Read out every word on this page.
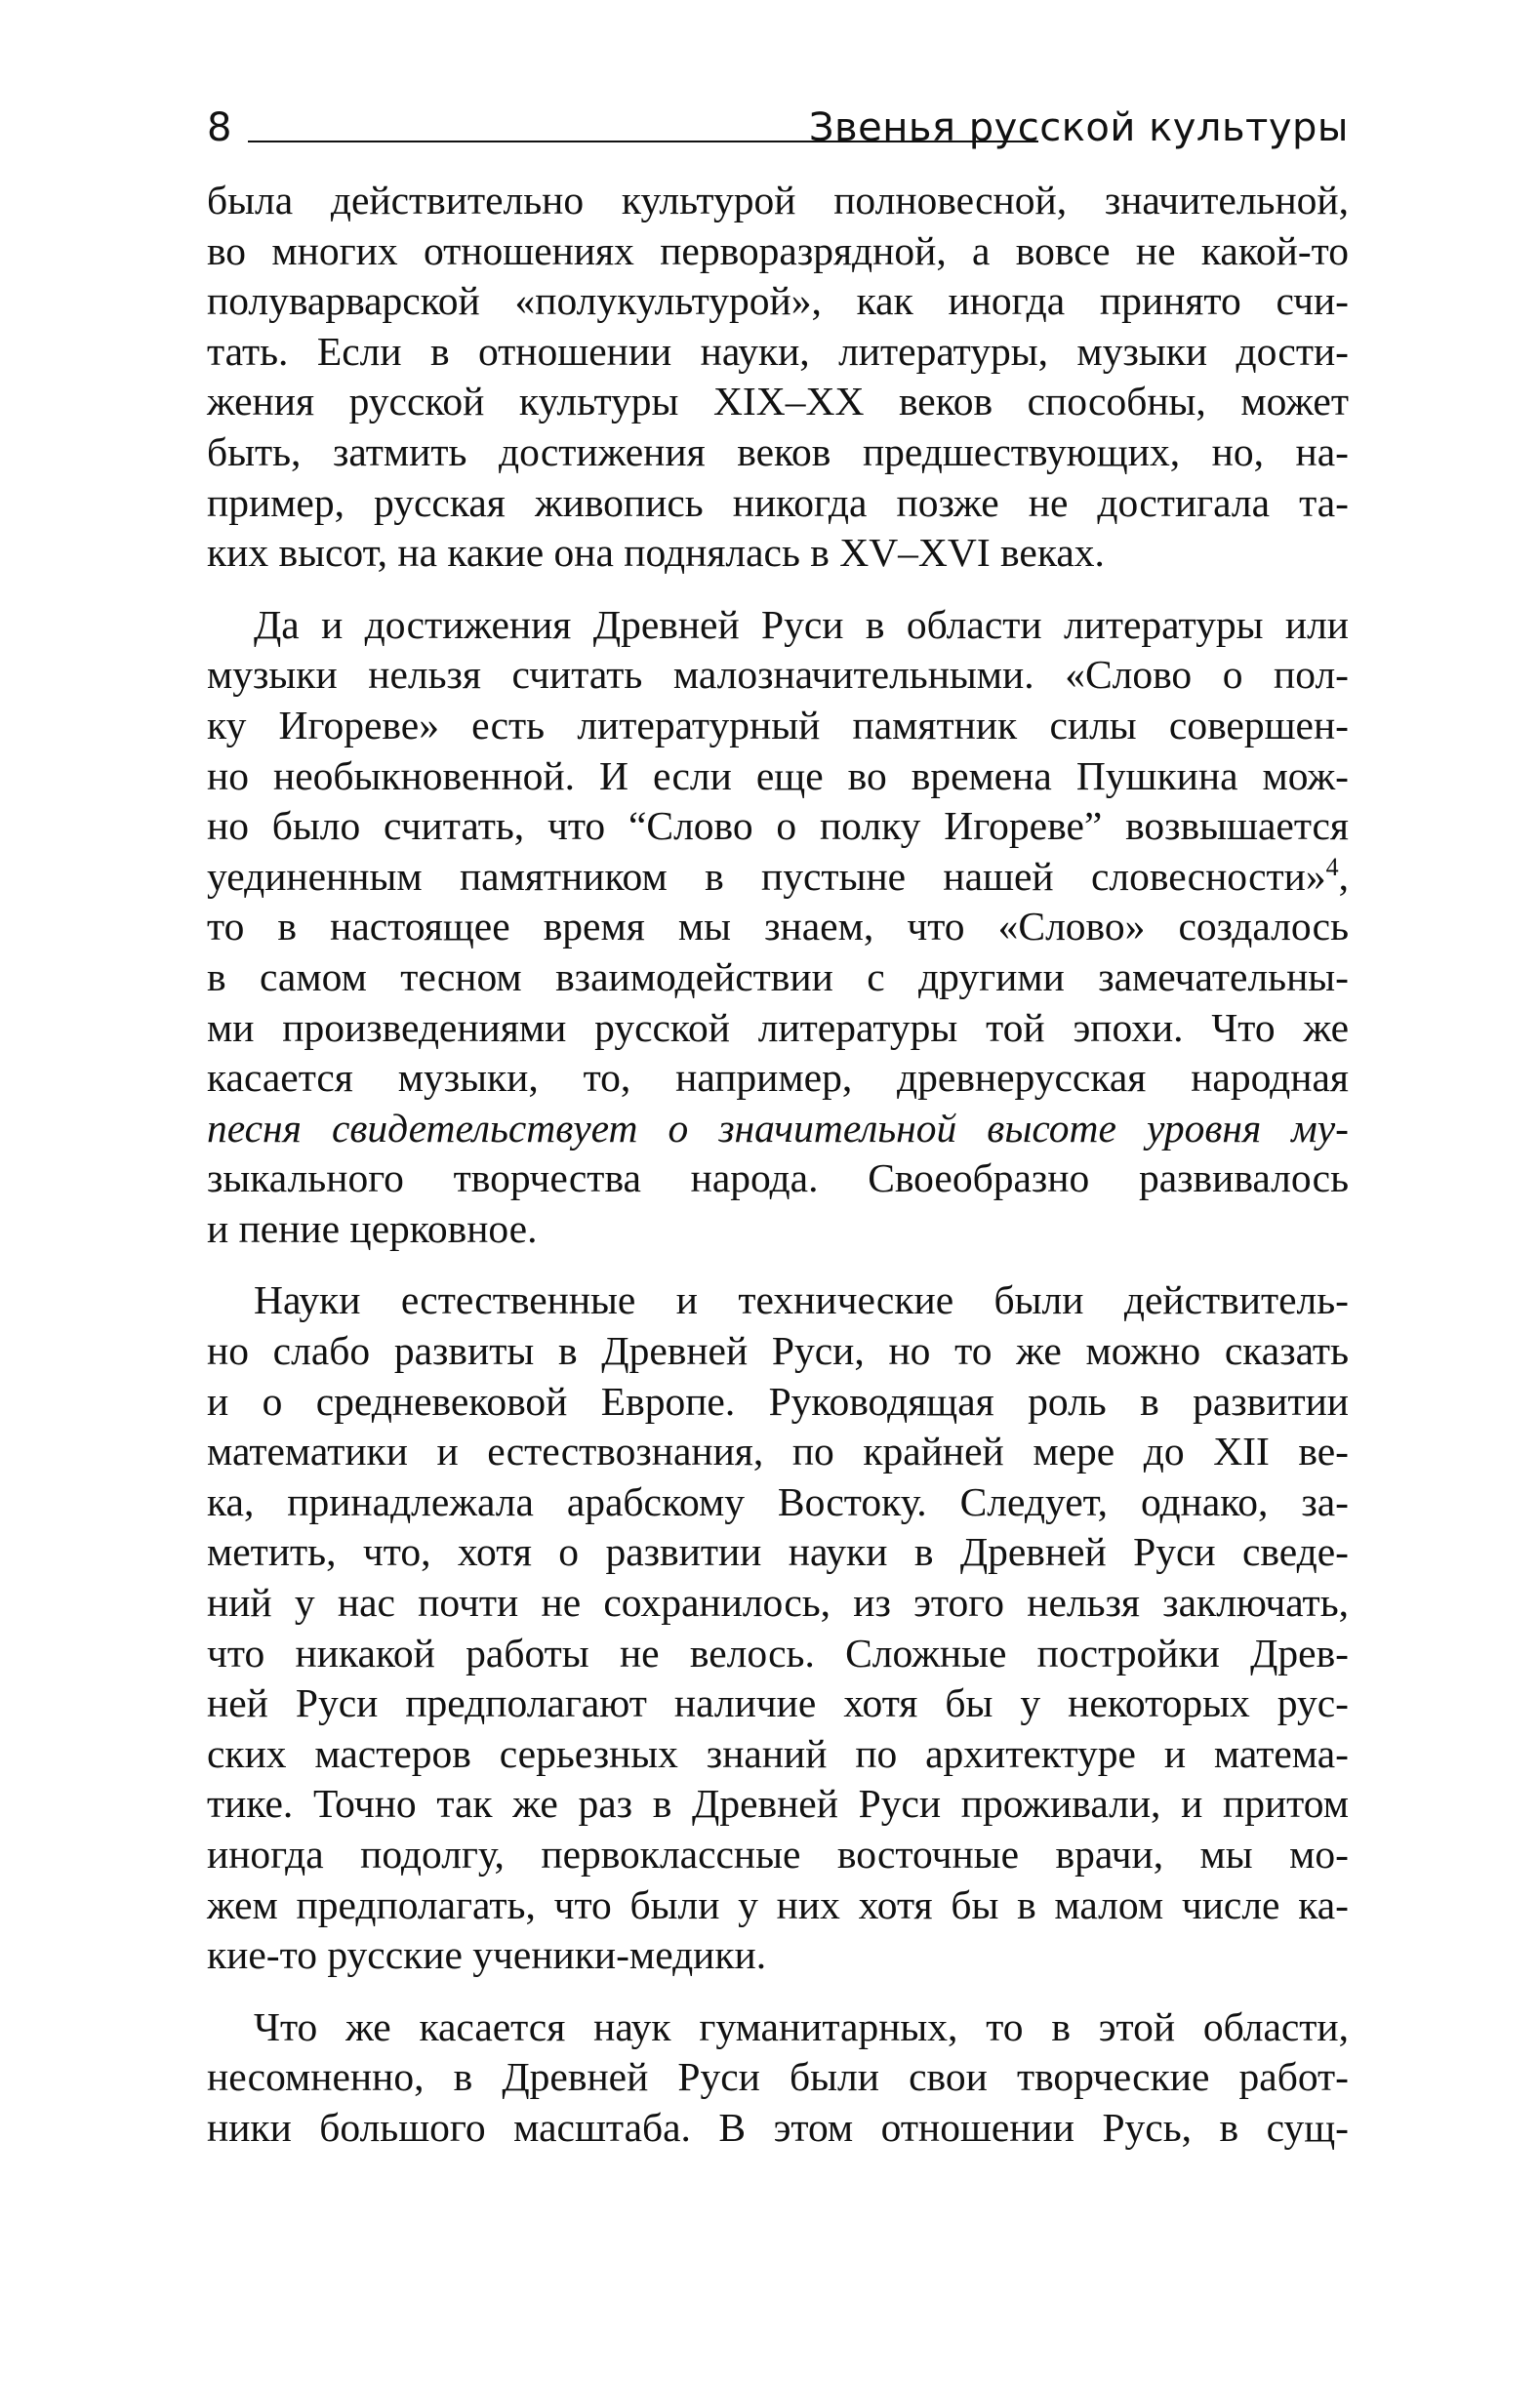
8	Звенья русской культуры

была действительно культурой полновесной, значительной,
во многих отношениях перворазрядной, а вовсе не какой-то
полуварварской «полукультурой», как иногда принято счи-
тать. Если в отношении науки, литературы, музыки дости-
жения русской культуры XIX–XX веков способны, может
быть, затмить достижения веков предшествующих, но, на-
пример, русская живопись никогда позже не достигала та-
ких высот, на какие она поднялась в XV–XVI веках.

Да и достижения Древней Руси в области литературы или
музыки нельзя считать малозначительными. «Слово о пол-
ку Игореве» есть литературный памятник силы совершен-
но необыкновенной. И если еще во времена Пушкина мож-
но было считать, что “Слово о полку Игореве” возвышается
уединенным памятником в пустыне нашей словесности»$^4$,
то в настоящее время мы знаем, что «Слово» создалось
в самом тесном взаимодействии с другими замечательны-
ми произведениями русской литературы той эпохи. Что же
касается музыки, то, например, древнерусская народная
песня свидетельствует о значительной высоте уровня му-
зыкального творчества народа. Своеобразно развивалось
и пение церковное.

Науки естественные и технические были действитель-
но слабо развиты в Древней Руси, но то же можно сказать
и о средневековой Европе. Руководящая роль в развитии
математики и естествознания, по крайней мере до XII ве-
ка, принадлежала арабскому Востоку. Следует, однако, за-
метить, что, хотя о развитии науки в Древней Руси сведе-
ний у нас почти не сохранилось, из этого нельзя заключать,
что никакой работы не велось. Сложные постройки Древ-
ней Руси предполагают наличие хотя бы у некоторых рус-
ских мастеров серьезных знаний по архитектуре и матема-
тике. Точно так же раз в Древней Руси проживали, и притом
иногда подолгу, первоклассные восточные врачи, мы мо-
жем предполагать, что были у них хотя бы в малом числе ка-
кие-то русские ученики-медики.

Что же касается наук гуманитарных, то в этой области,
несомненно, в Древней Руси были свои творческие работ-
ники большого масштаба. В этом отношении Русь, в сущ-
